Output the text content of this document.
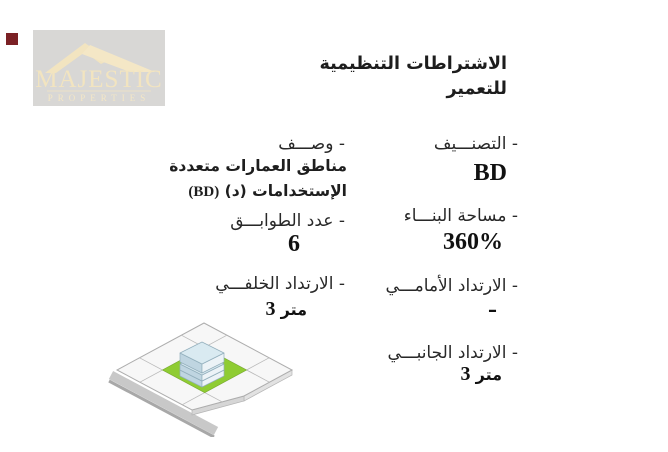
MAJESTIC
PROPERTIES
الاشتراطات التنظيمية
للتعمير
- التصنـــيف
BD
- مساحة البنـــاء
360%
- الارتداد الأمامـــي
–
- الارتداد الجانبـــي
3 متر
- وصـــف
مناطق العمارات متعددة
الإستخدامات (د) (BD)
- عدد الطوابـــق
6
- الارتداد الخلفـــي
3 متر
